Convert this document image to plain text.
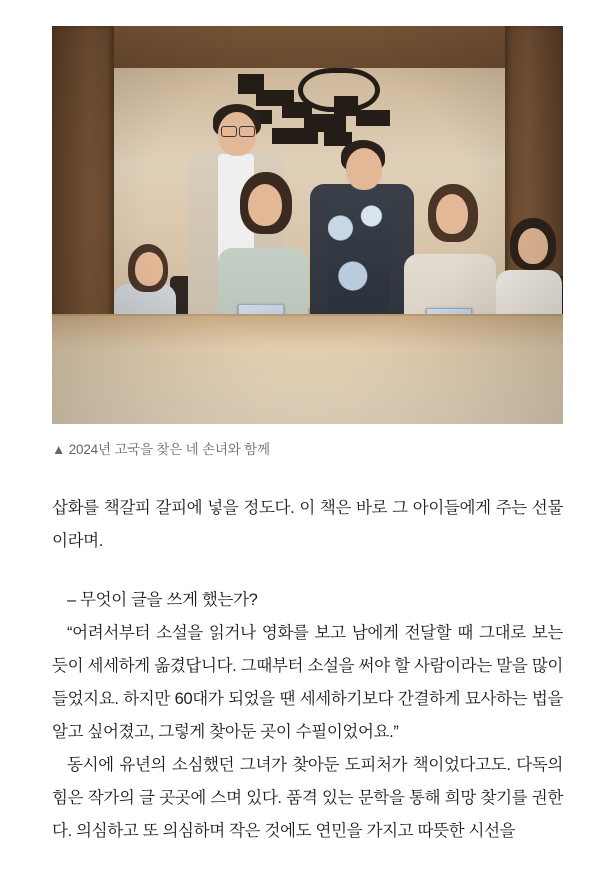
▲ 2024년 고국을 찾은 네 손녀와 함께

삽화를 책갈피 갈피에 넣을 정도다. 이 책은 바로 그 아이들에게 주는 선물이라며.

– 무엇이 글을 쓰게 했는가?

“어려서부터 소설을 읽거나 영화를 보고 남에게 전달할 때 그대로 보는 듯이 세세하게 옮겼답니다. 그때부터 소설을 써야 할 사람이라는 말을 많이 들었지요. 하지만 60대가 되었을 땐 세세하기보다 간결하게 묘사하는 법을 알고 싶어졌고, 그렇게 찾아둔 곳이 수필이었어요.”

동시에 유년의 소심했던 그녀가 찾아둔 도피처가 책이었다고도. 다독의 힘은 작가의 글 곳곳에 스며 있다. 품격 있는 문학을 통해 희망 찾기를 권한다. 의심하고 또 의심하며 작은 것에도 연민을 가지고 따뜻한 시선을
